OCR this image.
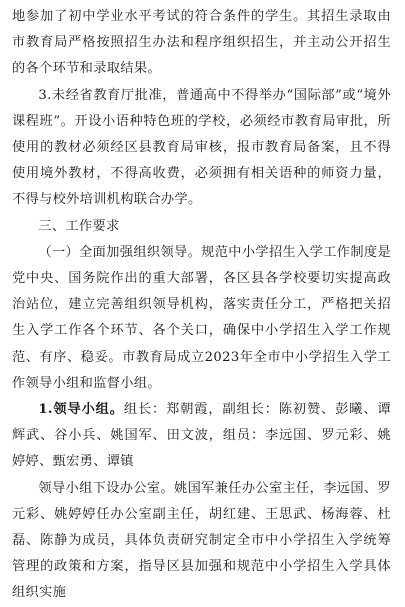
地参加了初中学业水平考试的符合条件的学生。其招生录取由市教育局严格按照招生办法和程序组织招生，并主动公开招生的各个环节和录取结果。

3.未经省教育厅批准，普通高中不得举办“国际部”或“境外课程班”。开设小语种特色班的学校，必须经市教育局审批，所使用的教材必须经区县教育局审核，报市教育局备案，且不得使用境外教材，不得高收费，必须拥有相关语种的师资力量，不得与校外培训机构联合办学。

三、工作要求

（一）全面加强组织领导。规范中小学招生入学工作制度是党中央、国务院作出的重大部署，各区县各学校要切实提高政治站位，建立完善组织领导机构，落实责任分工，严格把关招生入学工作各个环节、各个关口，确保中小学招生入学工作规范、有序、稳妥。市教育局成立2023年全市中小学招生入学工作领导小组和监督小组。

1.领导小组。组长：郑朝霞，副组长：陈初赞、彭曦、谭辉武、谷小兵、姚国军、田文波，组员：李远国、罗元彩、姚婷婷、甄宏勇、谭镇

领导小组下设办公室。姚国军兼任办公室主任，李远国、罗元彩、姚婷婷任办公室副主任，胡红建、王思武、杨海蓉、杜磊、陈静为成员，具体负责研究制定全市中小学招生入学统筹管理的政策和方案，指导区县加强和规范中小学招生入学具体组织实施
